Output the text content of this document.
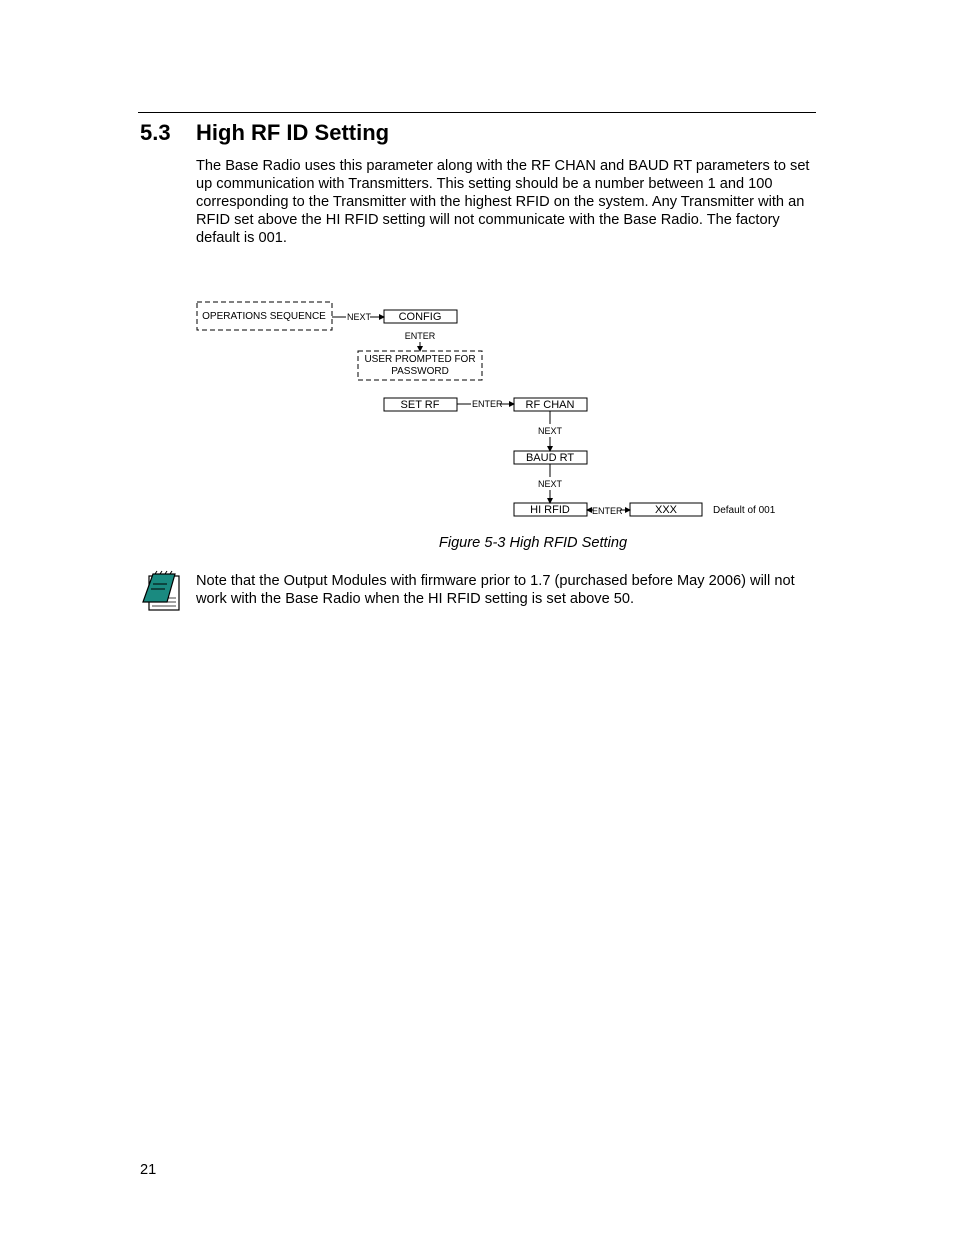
5.3 High RF ID Setting
The Base Radio uses this parameter along with the RF CHAN and BAUD RT parameters to set up communication with Transmitters. This setting should be a number between 1 and 100 corresponding to the Transmitter with the highest RFID on the system. Any Transmitter with an RFID set above the HI RFID setting will not communicate with the Base Radio. The factory default is 001.
OPERATIONS SEQUENCE NEXT	CONFIG
ENTER
USER PROMPTED FOR
PASSWORD
SET RF	ENTER RF CHAN
NEXT
BAUD RT
NEXT
HI RFID ENTER	XXX	Default of 001
Figure 5-3 High RFID Setting
Note that the Output Modules with firmware prior to 1.7 (purchased before May 2006) will not work with the Base Radio when the HI RFID setting is set above 50.
21
